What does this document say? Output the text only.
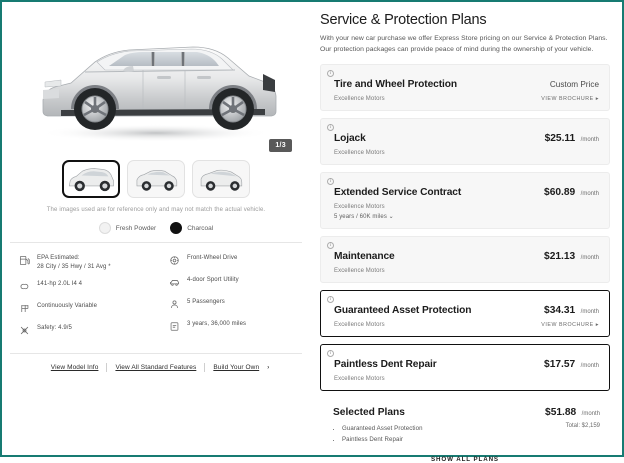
1/3
The images used are for reference only and may not match the actual vehicle.
Fresh Powder	Charcoal
EPA Estimated:
28 City / 35 Hwy / 31 Avg *
141-hp 2.0L I4 4
Continuously Variable
Safety: 4.9/5
Front-Wheel Drive
4-door Sport Utility
5 Passengers
3 years, 36,000 miles
View Model Info	View All Standard Features	Build Your Own	›
Service & Protection Plans
With your new car purchase we offer Express Store pricing on our Service & Protection Plans. Our protection packages can provide peace of mind during the ownership of your vehicle.
i
Tire and Wheel Protection	Custom Price
Excellence Motors	VIEW BROCHURE ▸
i
Lojack	$25.11 /month
Excellence Motors
i
Extended Service Contract	$60.89 /month
Excellence Motors
5 years / 60K miles ⌄
i
Maintenance	$21.13 /month
Excellence Motors
i
Guaranteed Asset Protection	$34.31 /month
Excellence Motors	VIEW BROCHURE ▸
i
Paintless Dent Repair	$17.57 /month
Excellence Motors
Selected Plans	$51.88 /month
• Guaranteed Asset Protection
• Paintless Dent Repair
Total: $2,159
SHOW ALL PLANS
